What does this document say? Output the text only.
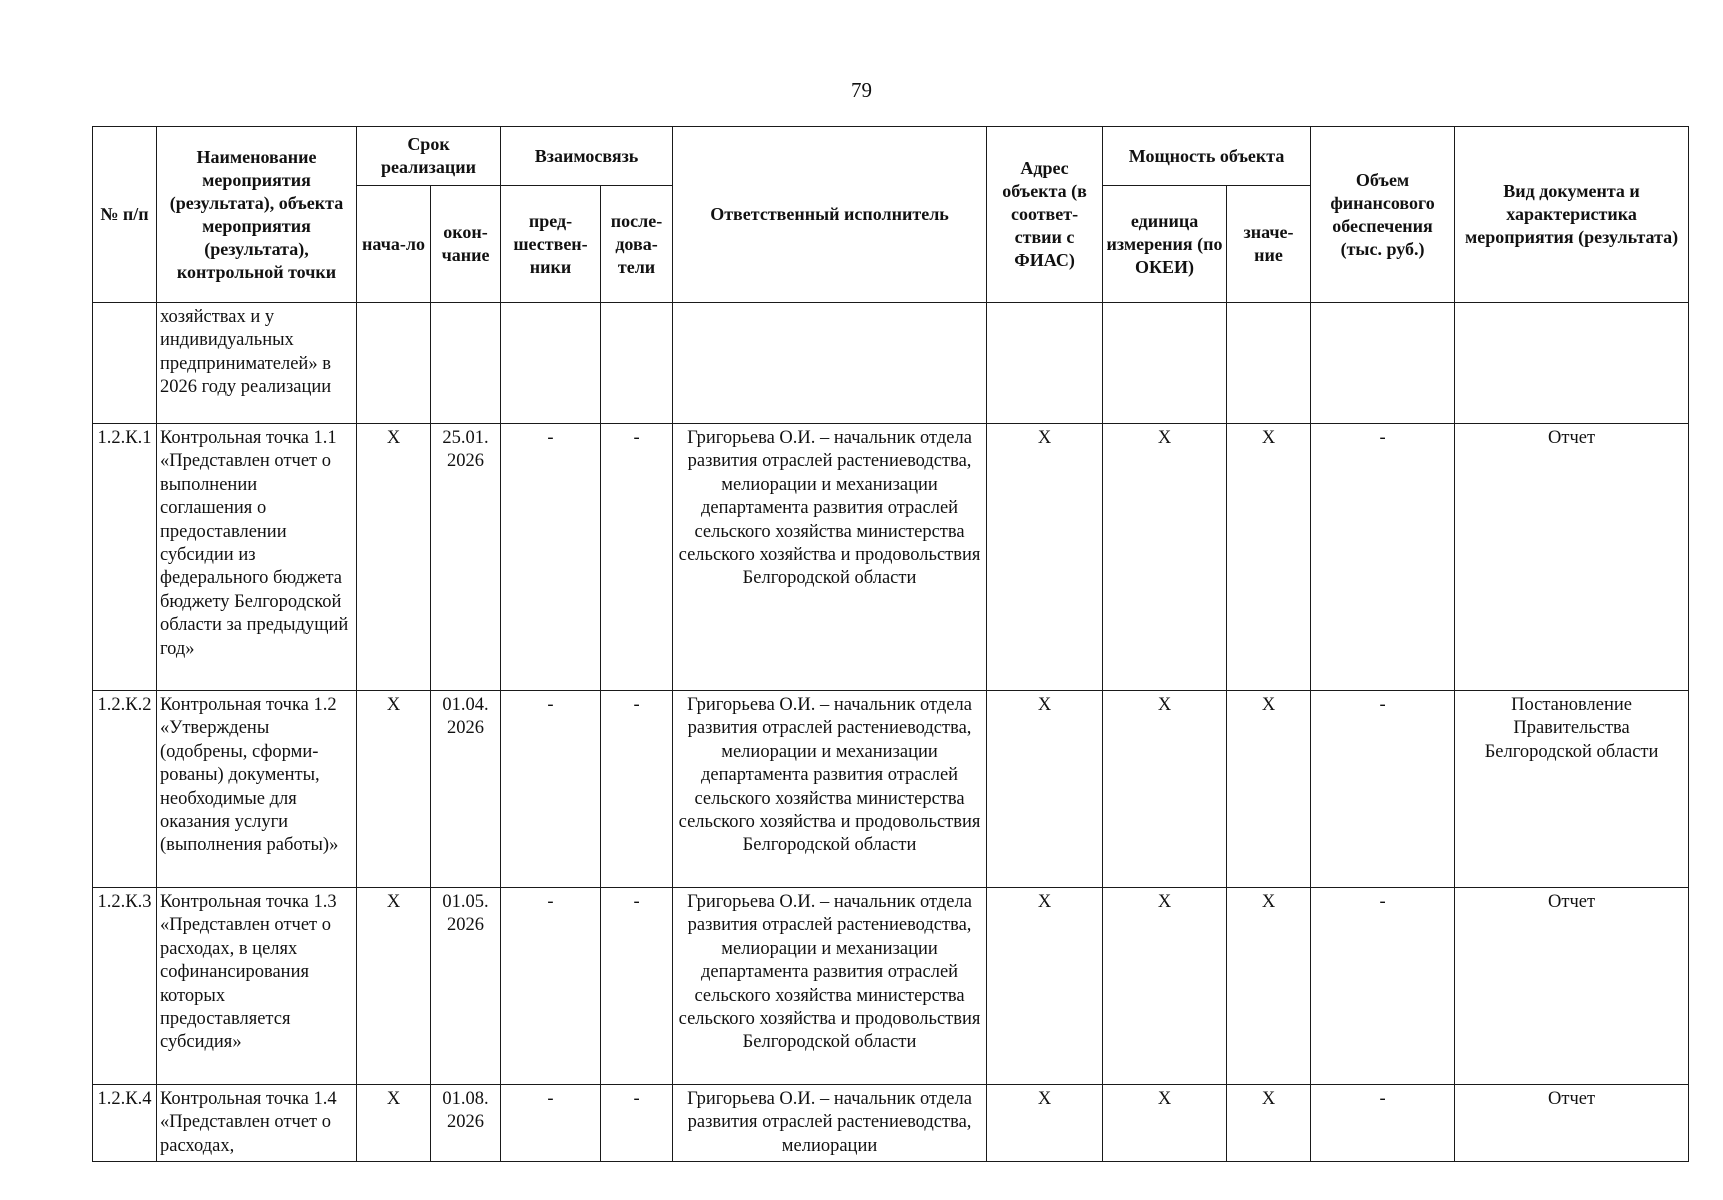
79
№ п/п	Наименование мероприятия (результата), объекта мероприятия (результата), контрольной точки	Срок реализации		Взаимосвязь		Ответственный исполнитель	Адрес объекта (в соответ-ствии с ФИАС)	Мощность объекта		Объем финансового обеспечения (тыс. руб.)	Вид документа и характеристика мероприятия (результата)
		нача-ло	окон-чание	пред-шествен-ники	после-дова-тели			единица измерения (по ОКЕИ)	значе-ние		
	хозяйствах и у индивидуальных предпринимателей» в 2026 году реализации										
1.2.К.1	Контрольная точка 1.1 «Представлен отчет о выполнении соглашения о предоставлении субсидии из федерального бюджета бюджету Белгородской области за предыдущий год»	X	25.01. 2026	-	-	Григорьева О.И. – начальник отдела развития отраслей растениеводства, мелиорации и механизации департамента развития отраслей сельского хозяйства министерства сельского хозяйства и продовольствия Белгородской области	X	X	X	-	Отчет
1.2.К.2	Контрольная точка 1.2 «Утверждены (одобрены, сформи-рованы) документы, необходимые для оказания услуги (выполнения работы)»	X	01.04. 2026	-	-	Григорьева О.И. – начальник отдела развития отраслей растениеводства, мелиорации и механизации департамента развития отраслей сельского хозяйства министерства сельского хозяйства и продовольствия Белгородской области	X	X	X	-	Постановление Правительства Белгородской области
1.2.К.3	Контрольная точка 1.3 «Представлен отчет о расходах, в целях софинансирования которых предоставляется субсидия»	X	01.05. 2026	-	-	Григорьева О.И. – начальник отдела развития отраслей растениеводства, мелиорации и механизации департамента развития отраслей сельского хозяйства министерства сельского хозяйства и продовольствия Белгородской области	X	X	X	-	Отчет
1.2.К.4	Контрольная точка 1.4 «Представлен отчет о расходах,	X	01.08. 2026	-	-	Григорьева О.И. – начальник отдела развития отраслей растениеводства, мелиорации	X	X	X	-	Отчет
